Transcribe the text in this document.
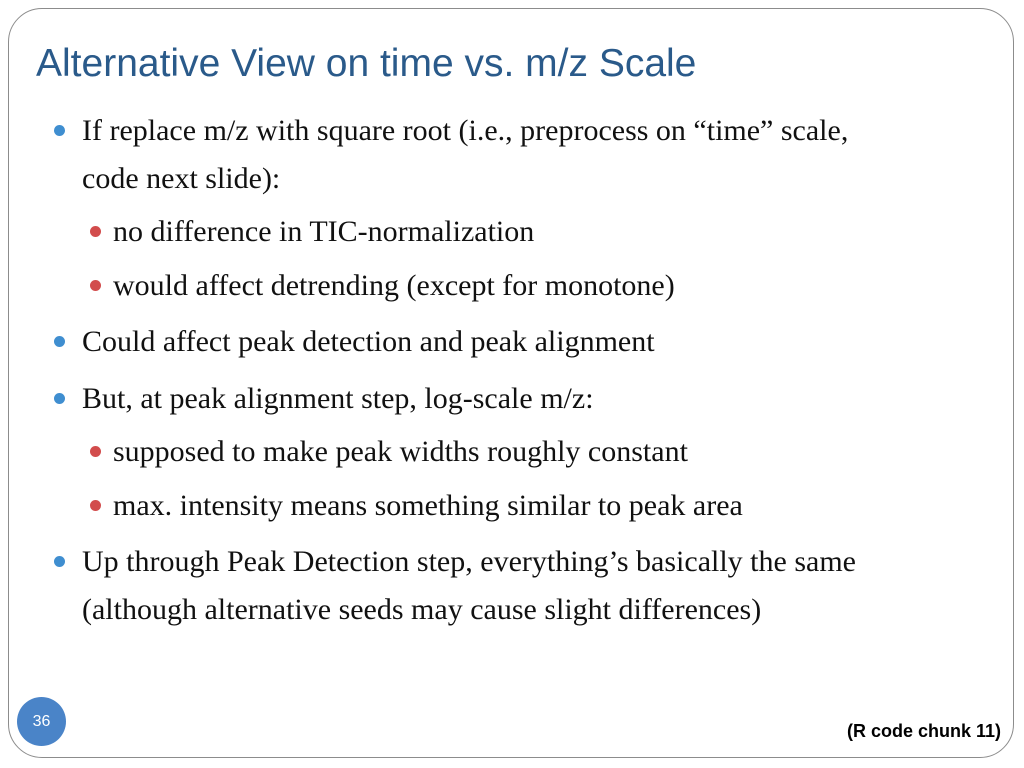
Alternative View on time vs. m/z Scale

If replace m/z with square root (i.e., preprocess on “time” scale, code next slide):

no difference in TIC-normalization

would affect detrending (except for monotone)

Could affect peak detection and peak alignment

But, at peak alignment step, log-scale m/z:

supposed to make peak widths roughly constant

max. intensity means something similar to peak area

Up through Peak Detection step, everything’s basically the same (although alternative seeds may cause slight differences)

36	(R code chunk 11)
